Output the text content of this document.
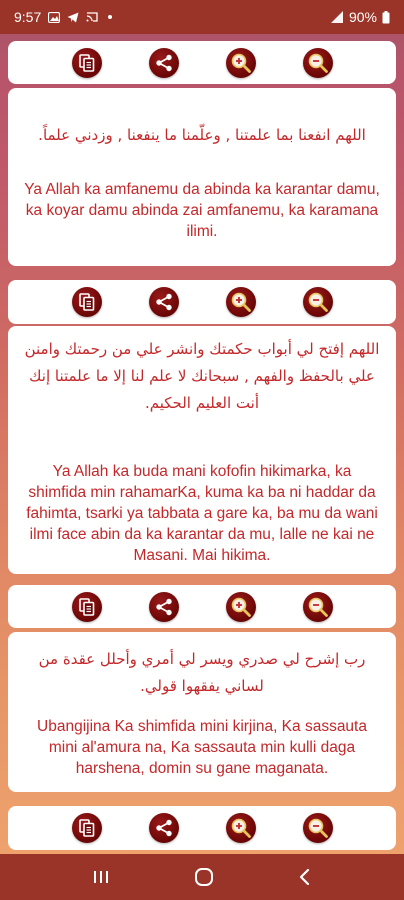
9:57	90%

اللهم انفعنا بما علمتنا , وعلّمنا ما ينفعنا , وزدني علماً.

Ya Allah ka amfanemu da abinda ka karantar damu, ka koyar damu abinda zai amfanemu, ka karamana ilimi.

اللهم إفتح لي أبواب حكمتك وانشر علي من رحمتك وامنن علي بالحفظ والفهم , سبحانك لا علم لنا إلا ما علمتنا إنك أنت العليم الحكيم.

Ya Allah ka buda mani kofofin hikimarka, ka shimfida min rahamarKa, kuma ka ba ni haddar da fahimta, tsarki ya tabbata a gare ka, ba mu da wani ilmi face abin da ka karantar da mu, lalle ne kai ne Masani. Mai hikima.

رب إشرح لي صدري ويسر لي أمري وأحلل عقدة من لساني يفقهوا قولي.

Ubangijina Ka shimfida mini kirjina, Ka sassauta mini al'amura na, Ka sassauta min kulli daga harshena, domin su gane maganata.
